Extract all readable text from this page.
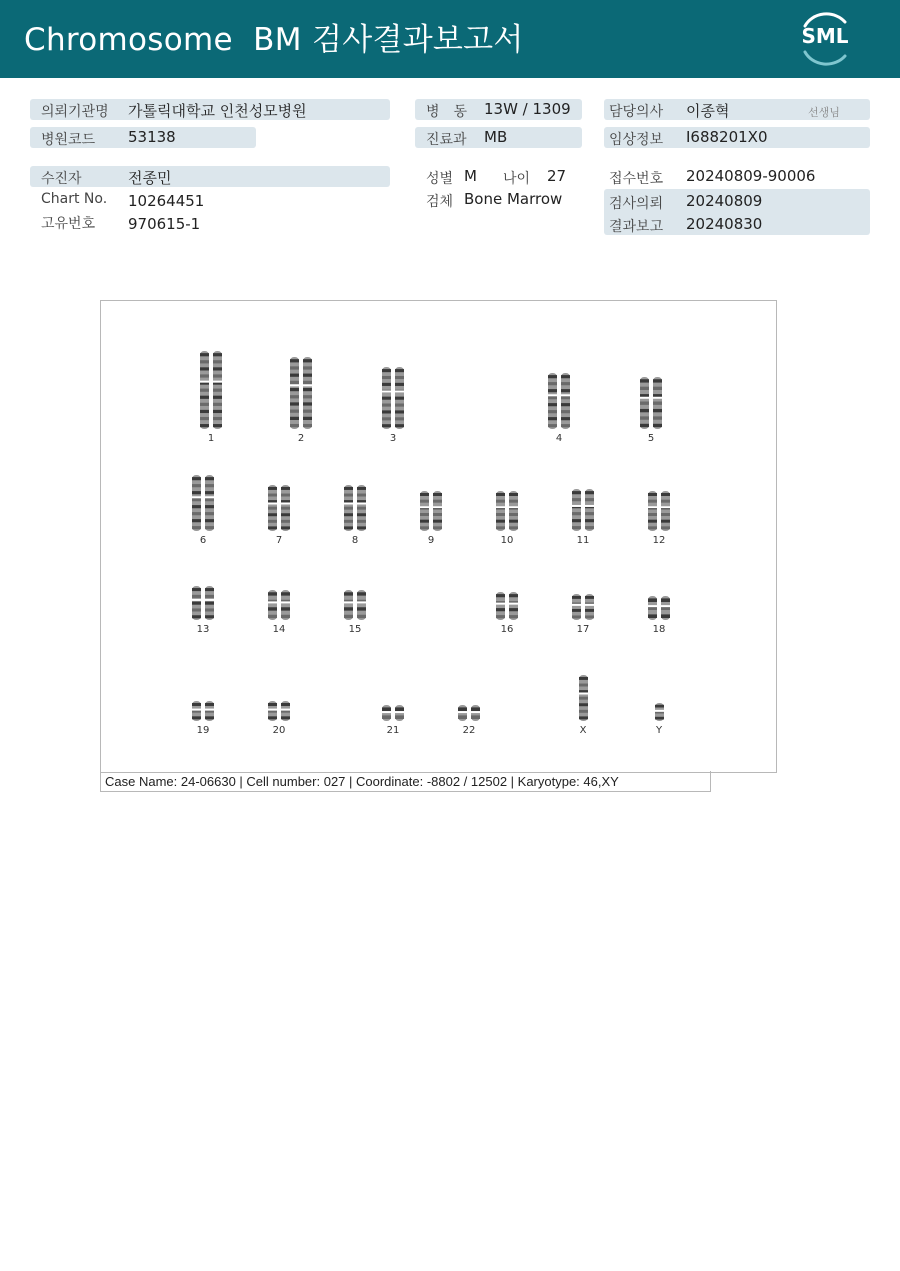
Chromosome  BM 검사결과보고서	SML
의뢰기관명 가톨릭대학교 인천성모병원	병　동 13W / 1309	담당의사 이종혁	선생님
병원코드 53138	진료과 MB	임상정보 I688201X0
수진자	전종민	성별 M 나이 27	접수번호 20240809-90006
Chart No. 10264451	검체 Bone Marrow	검사의뢰 20240809
고유번호 970615-1	결과보고 20240830
1	2	3	4	5
6	7	8	9	10	11	12
13	14	15	16	17	18
19	20	21	22	X	Y
Case Name: 24-06630 | Cell number: 027 | Coordinate: -8802 / 12502 | Karyotype: 46,XY
